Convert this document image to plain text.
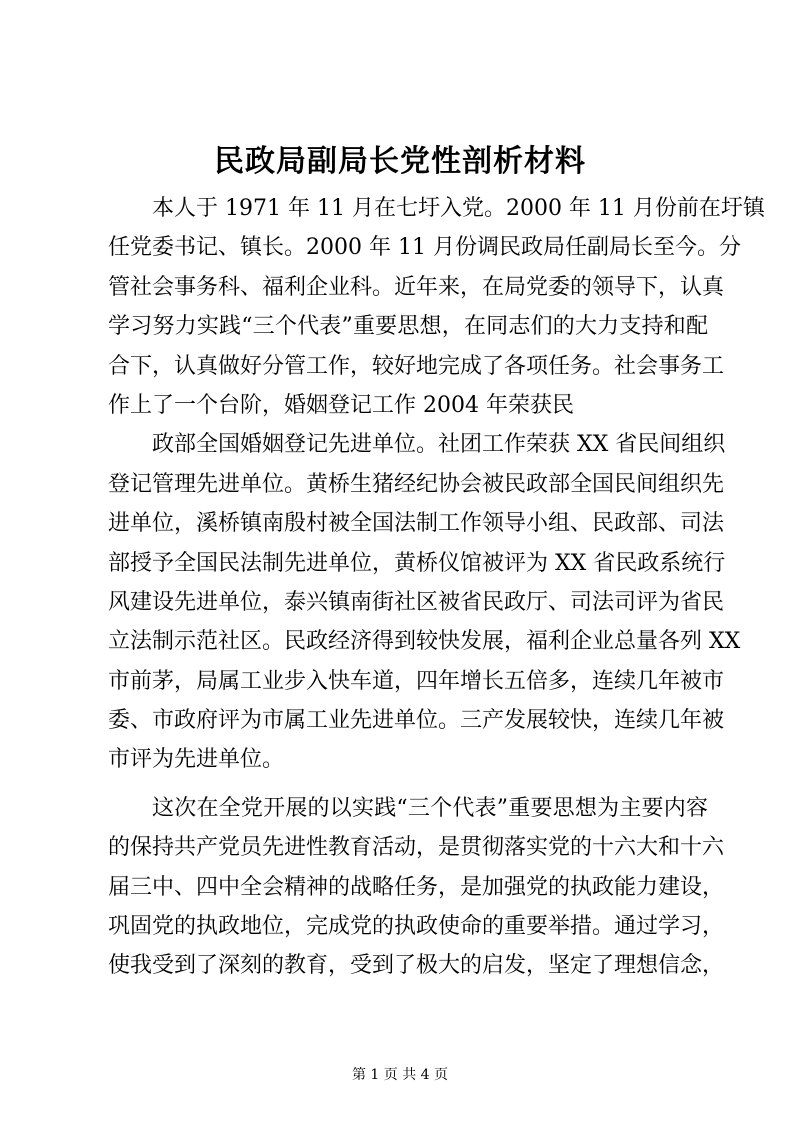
民政局副局长党性剖析材料
本人于 1971 年 11 月在七圩入党。2000 年 11 月份前在圩镇
任党委书记、镇长。2000 年 11 月份调民政局任副局长至今。分
管社会事务科、福利企业科。近年来，在局党委的领导下，认真
学习努力实践“三个代表”重要思想，在同志们的大力支持和配
合下，认真做好分管工作，较好地完成了各项任务。社会事务工
作上了一个台阶，婚姻登记工作 2004 年荣获民
政部全国婚姻登记先进单位。社团工作荣获 XX 省民间组织
登记管理先进单位。黄桥生猪经纪协会被民政部全国民间组织先
进单位，溪桥镇南殷村被全国法制工作领导小组、民政部、司法
部授予全国民法制先进单位，黄桥仪馆被评为 XX 省民政系统行
风建设先进单位，泰兴镇南街社区被省民政厅、司法司评为省民
立法制示范社区。民政经济得到较快发展，福利企业总量各列 XX
市前茅，局属工业步入快车道，四年增长五倍多，连续几年被市
委、市政府评为市属工业先进单位。三产发展较快，连续几年被
市评为先进单位。
这次在全党开展的以实践“三个代表”重要思想为主要内容
的保持共产党员先进性教育活动，是贯彻落实党的十六大和十六
届三中、四中全会精神的战略任务，是加强党的执政能力建设，
巩固党的执政地位，完成党的执政使命的重要举措。通过学习，
使我受到了深刻的教育，受到了极大的启发，坚定了理想信念，

第 1 页 共 4 页
